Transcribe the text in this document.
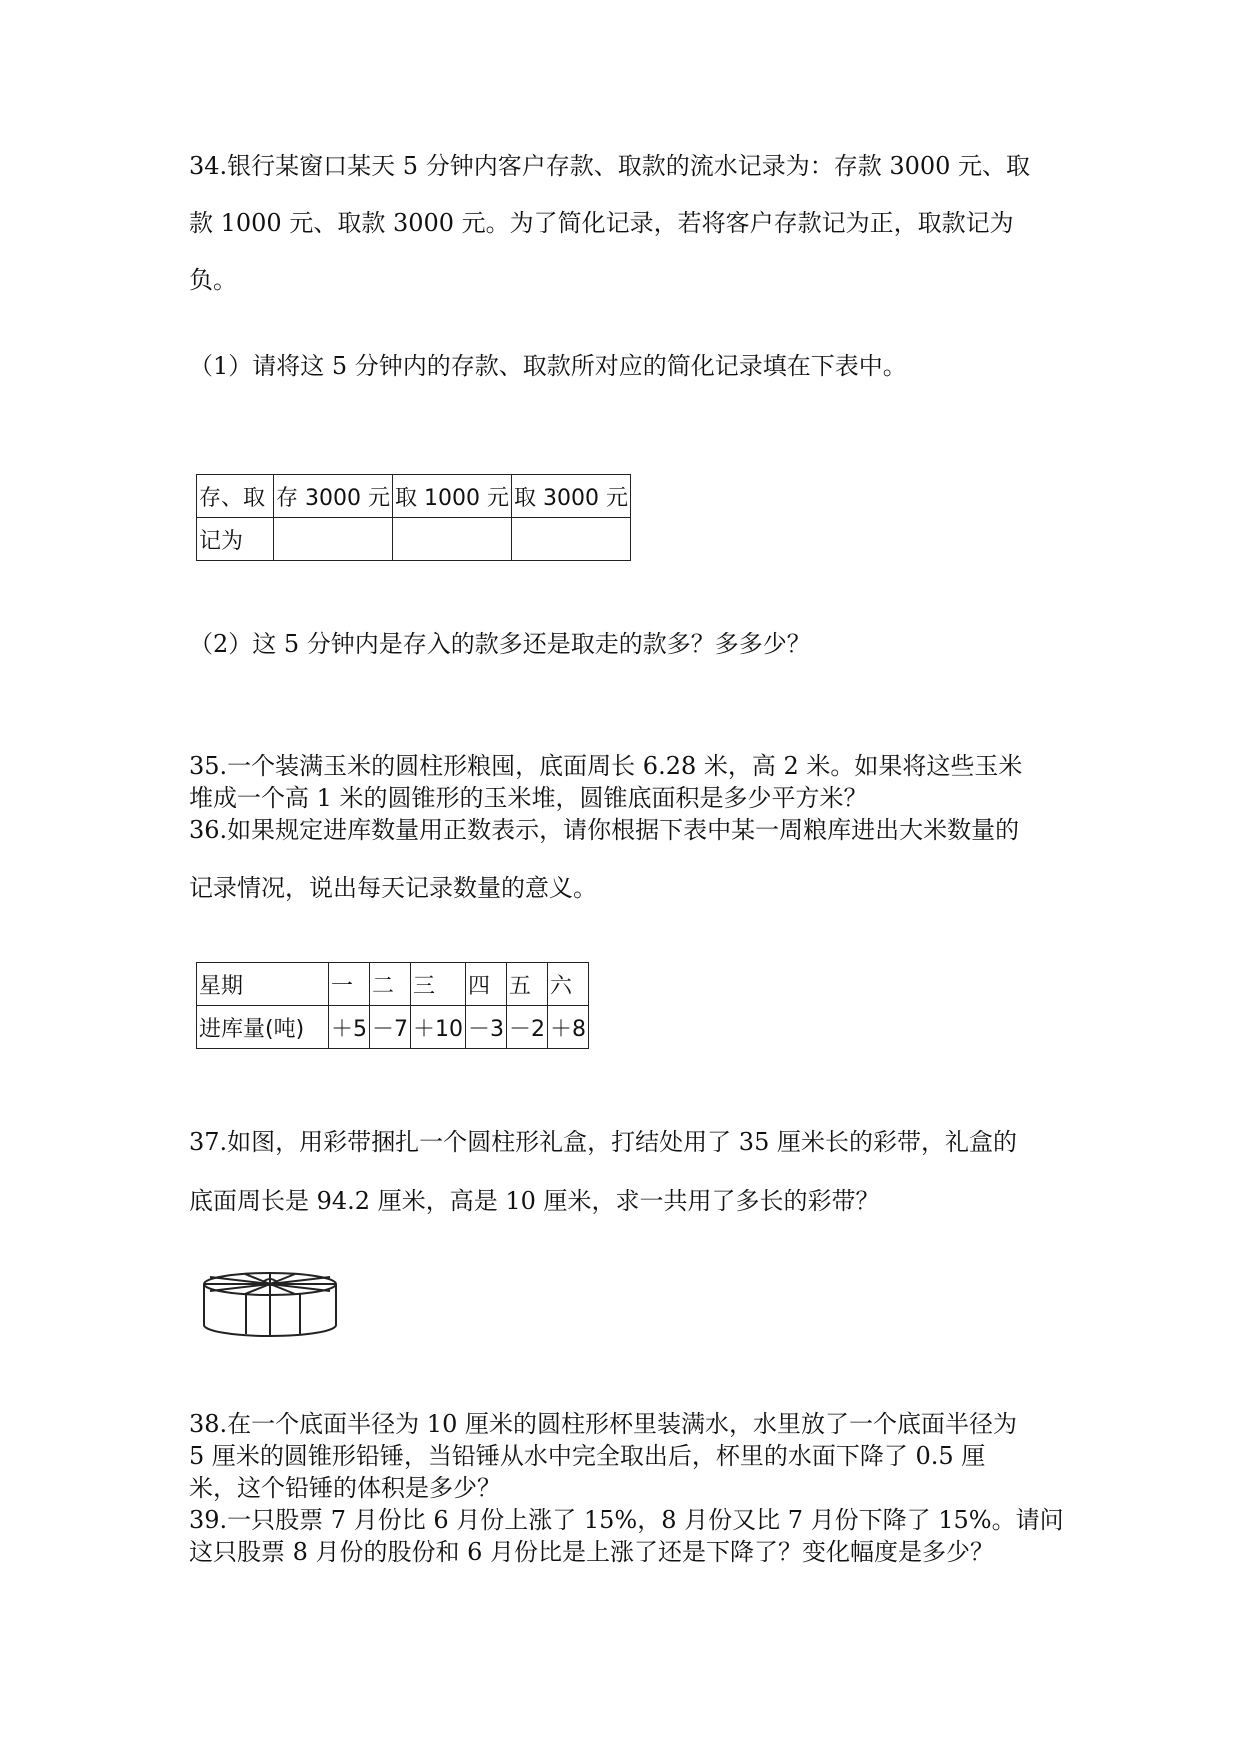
34.银行某窗口某天 5 分钟内客户存款、取款的流水记录为：存款 3000 元、取

款 1000 元、取款 3000 元。为了简化记录，若将客户存款记为正，取款记为

负。

（1）请将这 5 分钟内的存款、取款所对应的简化记录填在下表中。

存、取	存 3000 元	取 1000 元	取 3000 元
记为			

（2）这 5 分钟内是存入的款多还是取走的款多？多多少？

35.一个装满玉米的圆柱形粮囤，底面周长 6.28 米，高 2 米。如果将这些玉米

堆成一个高 1 米的圆锥形的玉米堆，圆锥底面积是多少平方米？

36.如果规定进库数量用正数表示，请你根据下表中某一周粮库进出大米数量的

记录情况，说出每天记录数量的意义。

星期	一	二	三	四	五	六
进库量(吨)	＋5	－7	＋10	－3	－2	＋8

37.如图，用彩带捆扎一个圆柱形礼盒，打结处用了 35 厘米长的彩带，礼盒的

底面周长是 94.2 厘米，高是 10 厘米，求一共用了多长的彩带？

38.在一个底面半径为 10 厘米的圆柱形杯里装满水，水里放了一个底面半径为

5 厘米的圆锥形铅锤，当铅锤从水中完全取出后，杯里的水面下降了 0.5 厘

米，这个铅锤的体积是多少？

39.一只股票 7 月份比 6 月份上涨了 15%，8 月份又比 7 月份下降了 15%。请问

这只股票 8 月份的股份和 6 月份比是上涨了还是下降了？变化幅度是多少？
